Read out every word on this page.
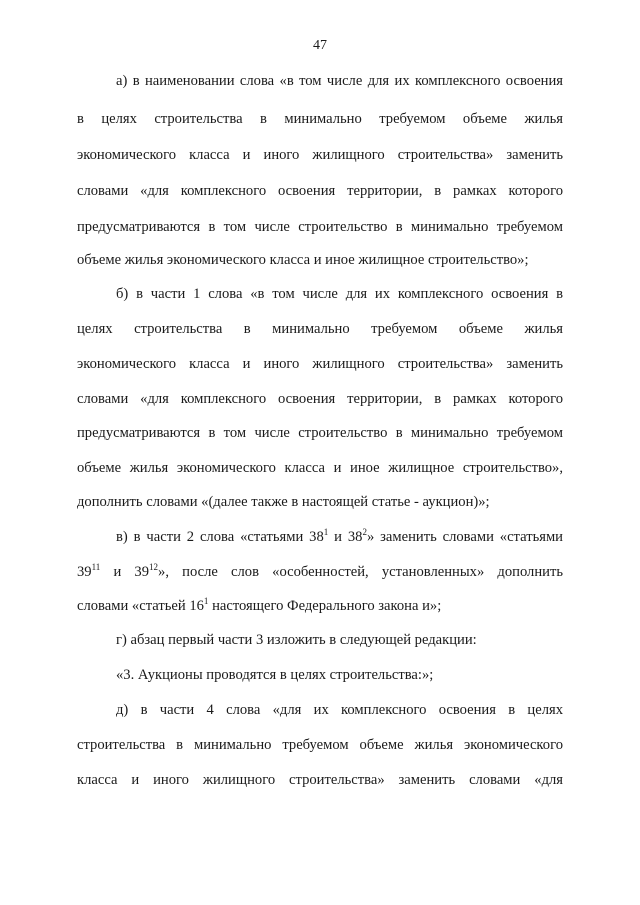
47
а) в наименовании слова «в том числе для их комплексного освоения
в целях строительства в минимально требуемом объеме жилья
экономического класса и иного жилищного строительства» заменить
словами «для комплексного освоения территории, в рамках которого
предусматриваются в том числе строительство в минимально требуемом
объеме жилья экономического класса и иное жилищное строительство»;
б) в части 1 слова «в том числе для их комплексного освоения в
целях строительства в минимально требуемом объеме жилья
экономического класса и иного жилищного строительства» заменить
словами «для комплексного освоения территории, в рамках которого
предусматриваются в том числе строительство в минимально требуемом
объеме жилья экономического класса и иное жилищное строительство»,
дополнить словами «(далее также в настоящей статье - аукцион)»;
в) в части 2 слова «статьями $38^1$ и $38^2$» заменить словами «статьями
$39^{11}$ и $39^{12}$», после слов «особенностей, установленных» дополнить
словами «статьей $16^1$ настоящего Федерального закона и»;
г) абзац первый части 3 изложить в следующей редакции:
«3. Аукционы проводятся в целях строительства:»;
д) в части 4 слова «для их комплексного освоения в целях
строительства в минимально требуемом объеме жилья экономического
класса и иного жилищного строительства» заменить словами «для
